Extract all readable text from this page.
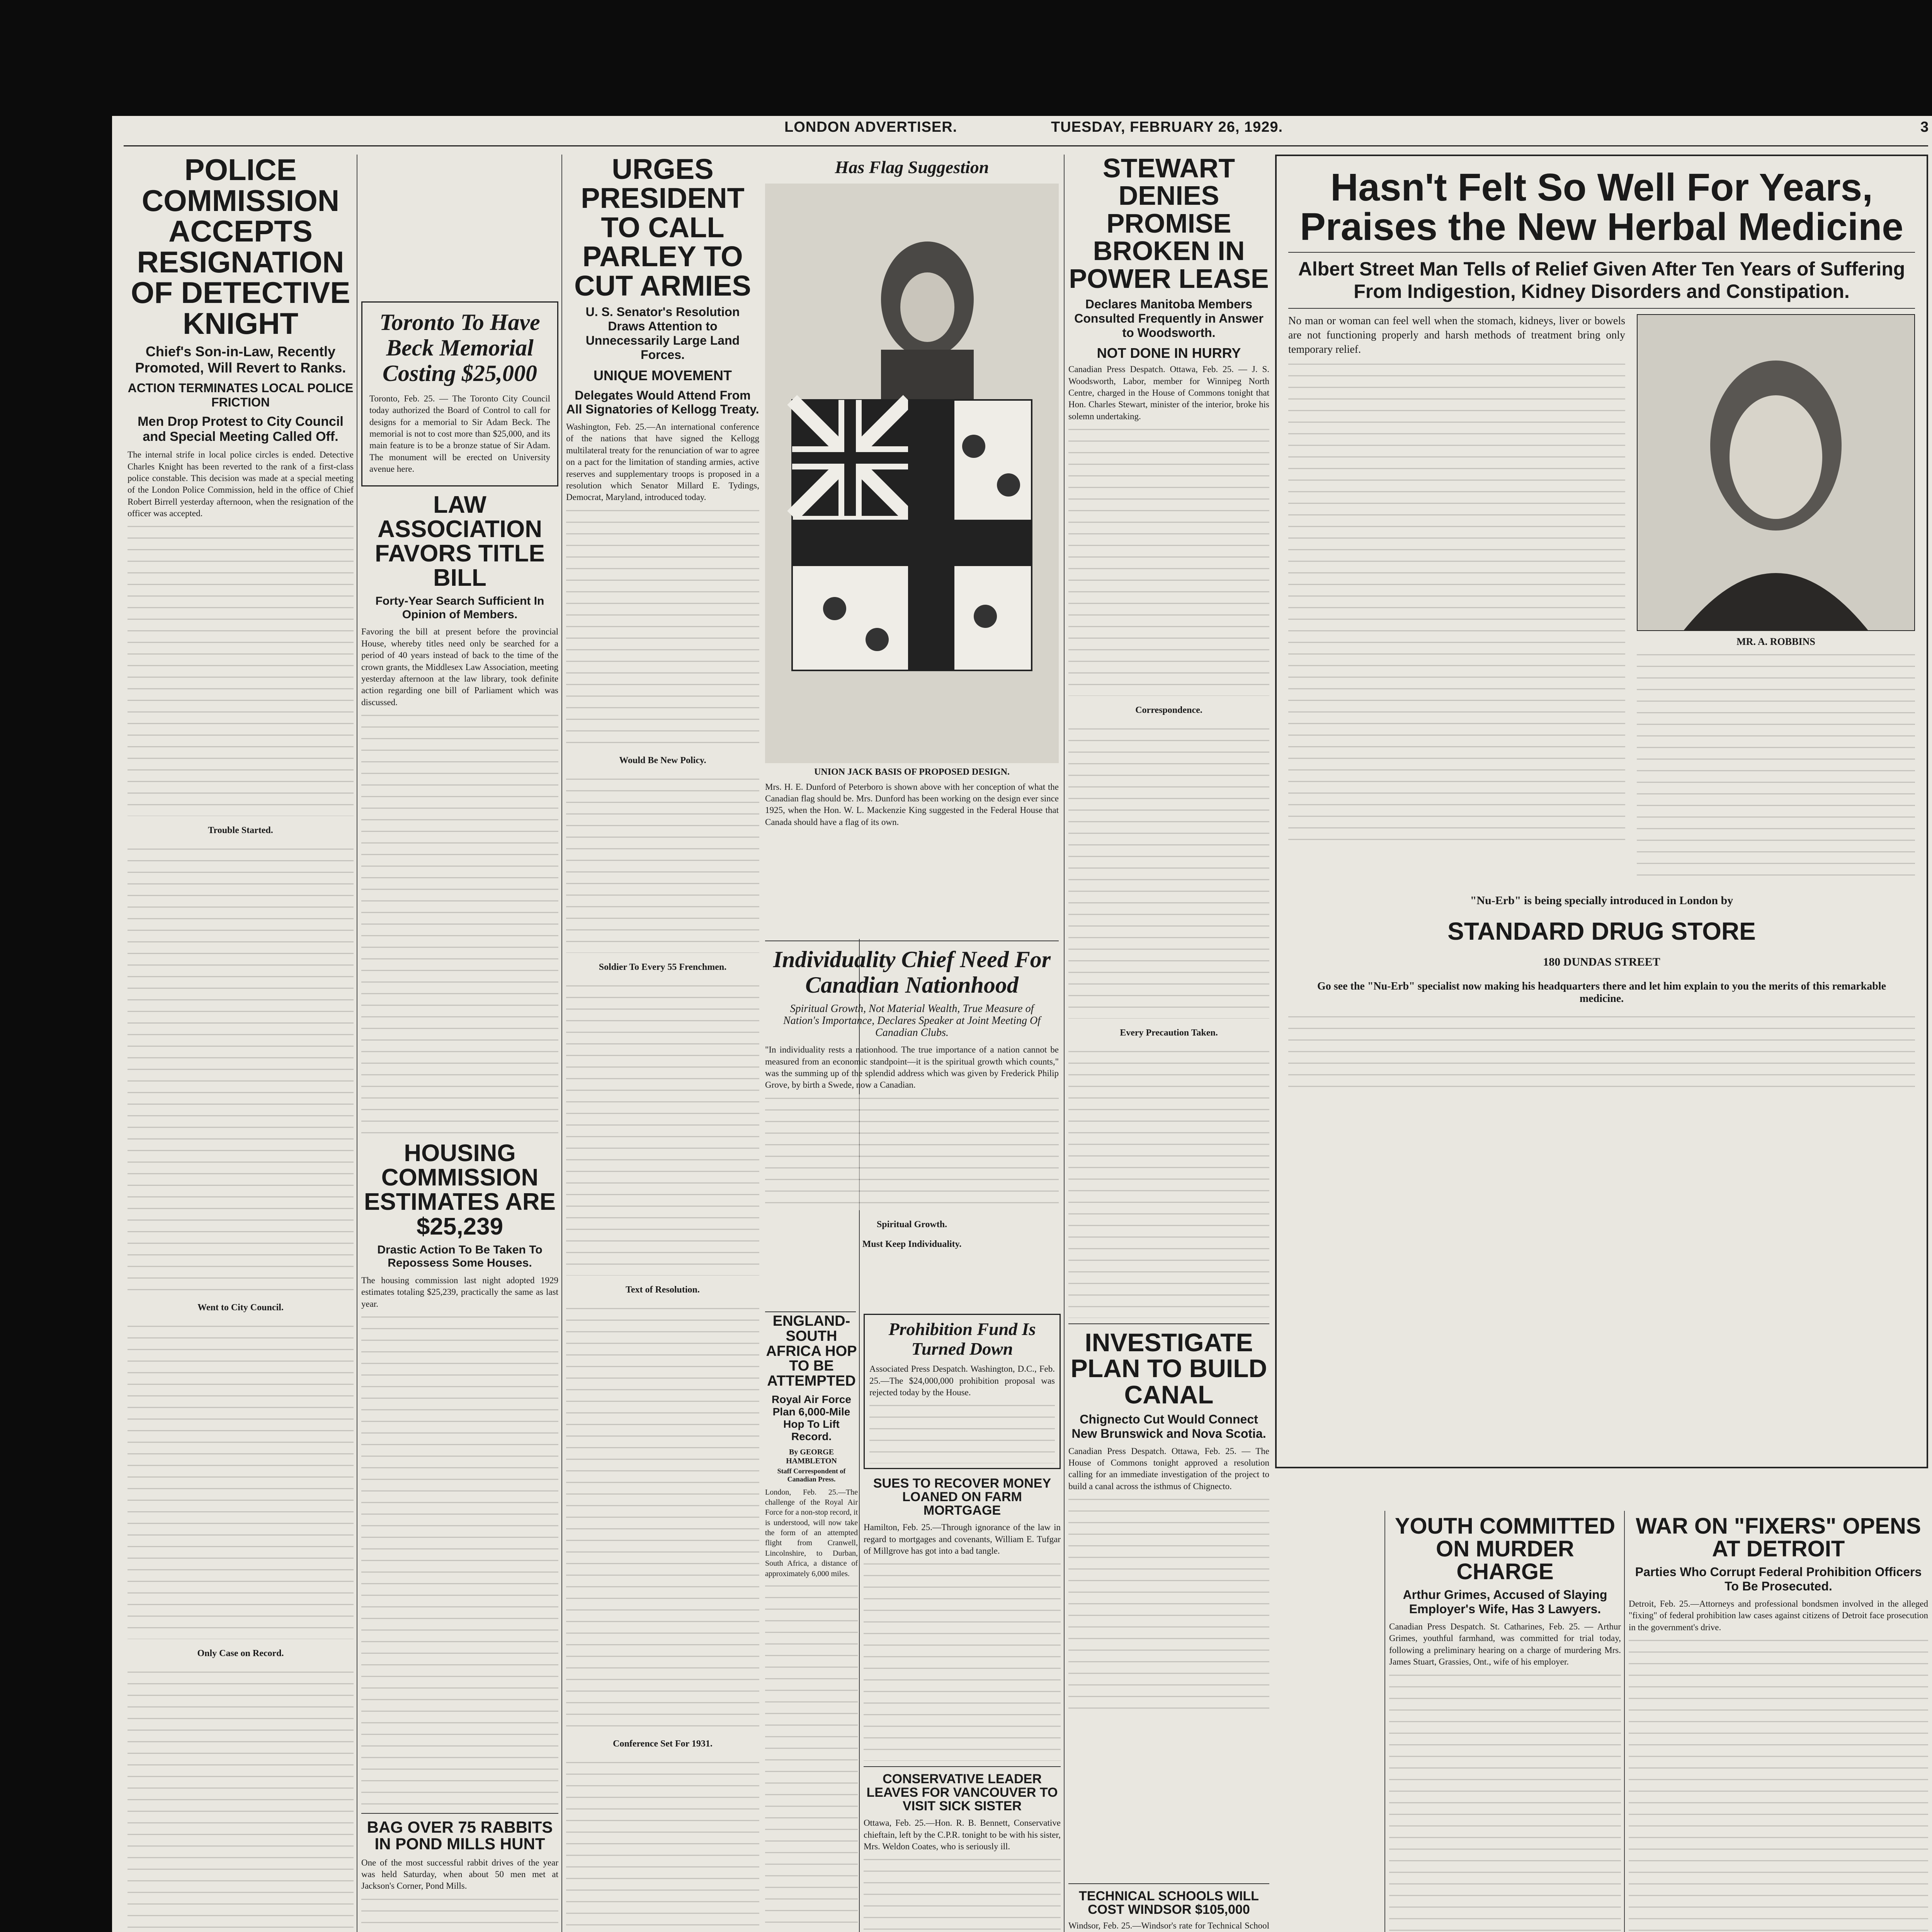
LONDON ADVERTISER.	TUESDAY, FEBRUARY 26, 1929.	3
POLICE COMMISSION ACCEPTS RESIGNATION OF DETECTIVE KNIGHT

Chief's Son-in-Law, Recently Promoted, Will Revert to Ranks.

ACTION TERMINATES LOCAL POLICE FRICTION

Men Drop Protest to City Council and Special Meeting Called Off.

The internal strife in local police circles is ended. Detective Charles Knight has been reverted to the rank of a first-class police constable. This decision was made at a special meeting of the London Police Commission, held in the office of Chief Robert Birrell yesterday afternoon, when the resignation of the officer was accepted.

Trouble Started.

Went to City Council.

Only Case on Record.

Toronto To Have Beck Memorial Costing $25,000

Toronto, Feb. 25. — The Toronto City Council today authorized the Board of Control to call for designs for a memorial to Sir Adam Beck. The memorial is not to cost more than $25,000, and its main feature is to be a bronze statue of Sir Adam. The monument will be erected on University avenue here.

LAW ASSOCIATION FAVORS TITLE BILL

Forty-Year Search Sufficient In Opinion of Members.

Favoring the bill at present before the provincial House, whereby titles need only be searched for a period of 40 years instead of back to the time of the crown grants, the Middlesex Law Association, meeting yesterday afternoon at the law library, took definite action regarding one bill of Parliament which was discussed.

HOUSING COMMISSION ESTIMATES ARE $25,239

Drastic Action To Be Taken To Repossess Some Houses.

The housing commission last night adopted 1929 estimates totaling $25,239, practically the same as last year.

BAG OVER 75 RABBITS IN POND MILLS HUNT

One of the most successful rabbit drives of the year was held Saturday, when about 50 men met at Jackson's Corner, Pond Mills.

URGES PRESIDENT TO CALL PARLEY TO CUT ARMIES

U. S. Senator's Resolution Draws Attention to Unnecessarily Large Land Forces.

UNIQUE MOVEMENT

Delegates Would Attend From All Signatories of Kellogg Treaty.

Washington, Feb. 25.—An international conference of the nations that have signed the Kellogg multilateral treaty for the renunciation of war to agree on a pact for the limitation of standing armies, active reserves and supplementary troops is proposed in a resolution which Senator Millard E. Tydings, Democrat, Maryland, introduced today.

Would Be New Policy.

Soldier To Every 55 Frenchmen.

Text of Resolution.

Conference Set For 1931.

Has Flag Suggestion

UNION JACK BASIS OF PROPOSED DESIGN.

Mrs. H. E. Dunford of Peterboro is shown above with her conception of what the Canadian flag should be. Mrs. Dunford has been working on the design ever since 1925, when the Hon. W. L. Mackenzie King suggested in the Federal House that Canada should have a flag of its own.

Individuality Chief Need For Canadian Nationhood

Spiritual Growth, Not Material Wealth, True Measure of Nation's Importance, Declares Speaker at Joint Meeting Of Canadian Clubs.

"In individuality rests a nationhood. The true importance of a nation cannot be measured from an economic standpoint—it is the spiritual growth which counts," was the summing up of the splendid address which was given by Frederick Philip Grove, by birth a Swede, now a Canadian.

Spiritual Growth.

Must Keep Individuality.

ENGLAND-SOUTH AFRICA HOP TO BE ATTEMPTED

Royal Air Force Plan 6,000-Mile Hop To Lift Record.

By GEORGE HAMBLETON

Staff Correspondent of Canadian Press.

London, Feb. 25.—The challenge of the Royal Air Force for a non-stop record, it is understood, will now take the form of an attempted flight from Cranwell, Lincolnshire, to Durban, South Africa, a distance of approximately 6,000 miles.

Prohibition Fund Is Turned Down

Associated Press Despatch. Washington, D.C., Feb. 25.—The $24,000,000 prohibition proposal was rejected today by the House.

SUES TO RECOVER MONEY LOANED ON FARM MORTGAGE

Hamilton, Feb. 25.—Through ignorance of the law in regard to mortgages and covenants, William E. Tufgar of Millgrove has got into a bad tangle.

CONSERVATIVE LEADER LEAVES FOR VANCOUVER TO VISIT SICK SISTER

Ottawa, Feb. 25.—Hon. R. B. Bennett, Conservative chieftain, left by the C.P.R. tonight to be with his sister, Mrs. Weldon Coates, who is seriously ill.

STEWART DENIES PROMISE BROKEN IN POWER LEASE

Declares Manitoba Members Consulted Frequently in Answer to Woodsworth.

NOT DONE IN HURRY

Canadian Press Despatch. Ottawa, Feb. 25. — J. S. Woodsworth, Labor, member for Winnipeg North Centre, charged in the House of Commons tonight that Hon. Charles Stewart, minister of the interior, broke his solemn undertaking.

Correspondence.

Every Precaution Taken.

INVESTIGATE PLAN TO BUILD CANAL

Chignecto Cut Would Connect New Brunswick and Nova Scotia.

Canadian Press Despatch. Ottawa, Feb. 25. — The House of Commons tonight approved a resolution calling for an immediate investigation of the project to build a canal across the isthmus of Chignecto.

Hasn't Felt So Well For Years, Praises the New Herbal Medicine

Albert Street Man Tells of Relief Given After Ten Years of Suffering From Indigestion, Kidney Disorders and Constipation.

No man or woman can feel well when the stomach, kidneys, liver or bowels are not functioning properly and harsh methods of treatment bring only temporary relief.

MR. A. ROBBINS

"Nu-Erb" is being specially introduced in London by

STANDARD DRUG STORE

180 DUNDAS STREET

Go see the "Nu-Erb" specialist now making his headquarters there and let him explain to you the merits of this remarkable medicine.

YOUTH COMMITTED ON MURDER CHARGE

Arthur Grimes, Accused of Slaying Employer's Wife, Has 3 Lawyers.

Canadian Press Despatch. St. Catharines, Feb. 25. — Arthur Grimes, youthful farmhand, was committed for trial today, following a preliminary hearing on a charge of murdering Mrs. James Stuart, Grassies, Ont., wife of his employer.

TECHNICAL SCHOOLS WILL COST WINDSOR $105,000

Windsor, Feb. 25.—Windsor's rate for Technical School

WAR ON "FIXERS" OPENS AT DETROIT

Parties Who Corrupt Federal Prohibition Officers To Be Prosecuted.

Detroit, Feb. 25.—Attorneys and professional bondsmen involved in the alleged "fixing" of federal prohibition law cases against citizens of Detroit face prosecution in the government's drive.
